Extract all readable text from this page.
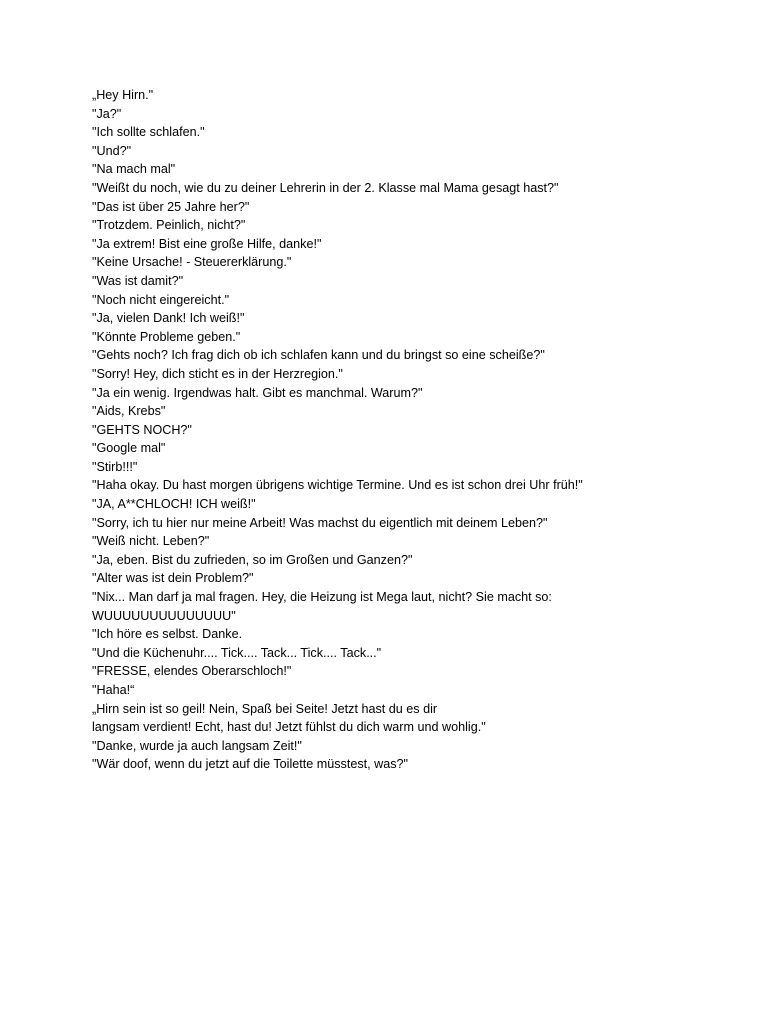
„Hey Hirn."
"Ja?"
"Ich sollte schlafen."
"Und?"
"Na mach mal"
"Weißt du noch, wie du zu deiner Lehrerin in der 2. Klasse mal Mama gesagt hast?"
"Das ist über 25 Jahre her?"
"Trotzdem. Peinlich, nicht?"
"Ja extrem! Bist eine große Hilfe, danke!"
"Keine Ursache! - Steuererklärung."
"Was ist damit?"
"Noch nicht eingereicht."
"Ja, vielen Dank! Ich weiß!"
"Könnte Probleme geben."
"Gehts noch? Ich frag dich ob ich schlafen kann und du bringst so eine scheiße?"
"Sorry! Hey, dich sticht es in der Herzregion."
"Ja ein wenig. Irgendwas halt. Gibt es manchmal. Warum?"
"Aids, Krebs"
"GEHTS NOCH?"
"Google mal"
"Stirb!!!"
"Haha okay. Du hast morgen übrigens wichtige Termine. Und es ist schon drei Uhr früh!"
"JA, A**CHLOCH! ICH weiß!"
"Sorry, ich tu hier nur meine Arbeit! Was machst du eigentlich mit deinem Leben?"
"Weiß nicht. Leben?"
"Ja, eben. Bist du zufrieden, so im Großen und Ganzen?"
"Alter was ist dein Problem?"
"Nix... Man darf ja mal fragen. Hey, die Heizung ist Mega laut, nicht? Sie macht so:
WUUUUUUUUUUUUUU"
"Ich höre es selbst. Danke.
"Und die Küchenuhr.... Tick.... Tack... Tick.... Tack..."
"FRESSE, elendes Oberarschloch!"
"Haha!“
„Hirn sein ist so geil! Nein, Spaß bei Seite! Jetzt hast du es dir
langsam verdient! Echt, hast du! Jetzt fühlst du dich warm und wohlig."
"Danke, wurde ja auch langsam Zeit!"
"Wär doof, wenn du jetzt auf die Toilette müsstest, was?"
